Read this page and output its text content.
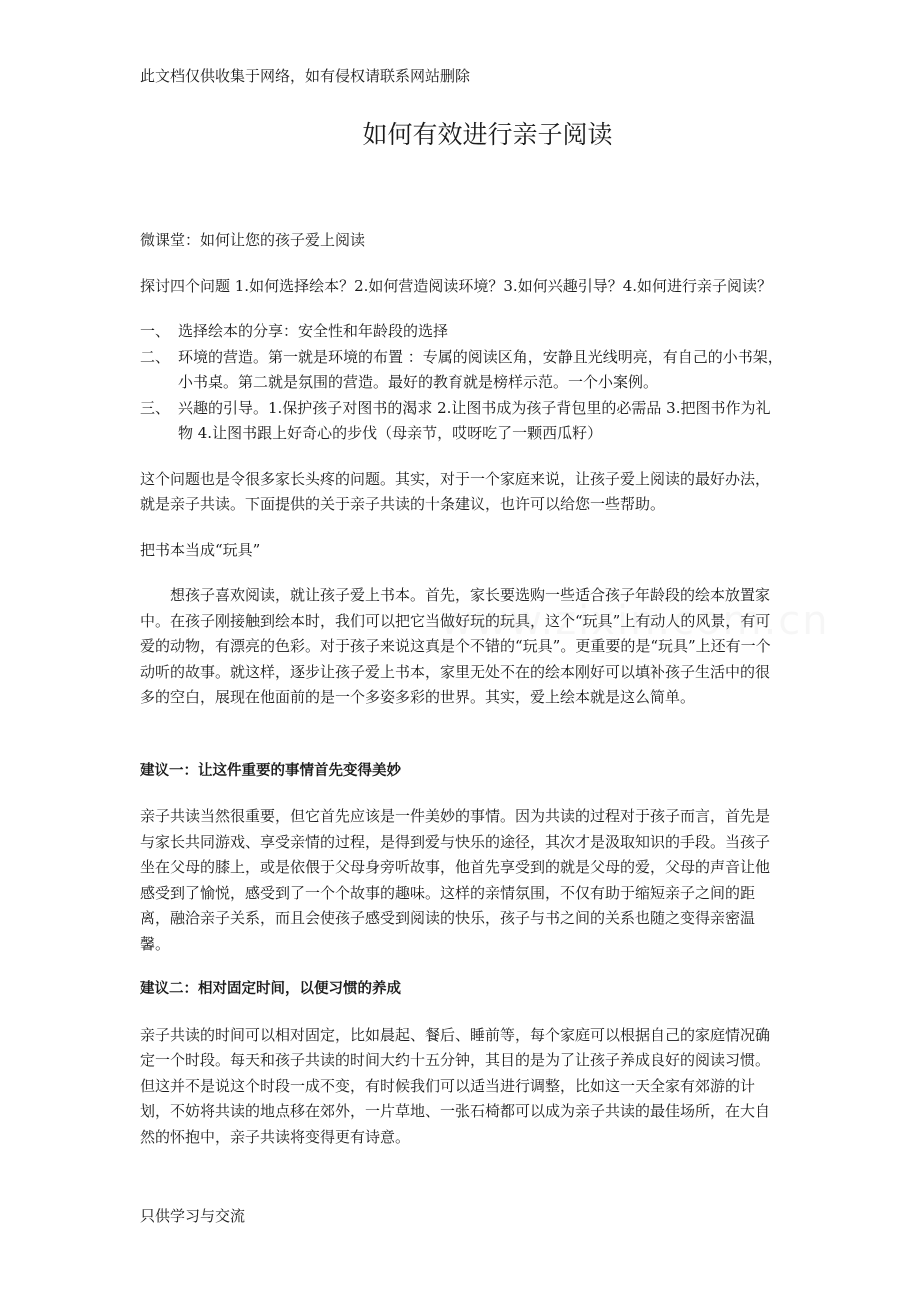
此文档仅供收集于网络，如有侵权请联系网站删除
如何有效进行亲子阅读

微课堂：如何让您的孩子爱上阅读

探讨四个问题 1.如何选择绘本？2.如何营造阅读环境？3.如何兴趣引导？4.如何进行亲子阅读？

一、 选择绘本的分享：安全性和年龄段的选择
二、 环境的营造。第一就是环境的布置 ：专属的阅读区角，安静且光线明亮，有自己的小书架，小书桌。第二就是氛围的营造。最好的教育就是榜样示范。一个小案例。
三、 兴趣的引导。1.保护孩子对图书的渴求 2.让图书成为孩子背包里的必需品 3.把图书作为礼物 4.让图书跟上好奇心的步伐（母亲节，哎呀吃了一颗西瓜籽）

这个问题也是令很多家长头疼的问题。其实，对于一个家庭来说，让孩子爱上阅读的最好办法，就是亲子共读。下面提供的关于亲子共读的十条建议，也许可以给您一些帮助。

把书本当成“玩具”

想孩子喜欢阅读，就让孩子爱上书本。首先，家长要选购一些适合孩子年龄段的绘本放置家中。在孩子刚接触到绘本时，我们可以把它当做好玩的玩具，这个“玩具”上有动人的风景，有可爱的动物，有漂亮的色彩。对于孩子来说这真是个不错的“玩具”。更重要的是“玩具”上还有一个动听的故事。就这样，逐步让孩子爱上书本，家里无处不在的绘本刚好可以填补孩子生活中的很多的空白，展现在他面前的是一个多姿多彩的世界。其实，爱上绘本就是这么简单。

建议一：让这件重要的事情首先变得美妙

亲子共读当然很重要，但它首先应该是一件美妙的事情。因为共读的过程对于孩子而言，首先是与家长共同游戏、享受亲情的过程，是得到爱与快乐的途径，其次才是汲取知识的手段。当孩子坐在父母的膝上，或是依偎于父母身旁听故事，他首先享受到的就是父母的爱，父母的声音让他感受到了愉悦，感受到了一个个故事的趣味。这样的亲情氛围，不仅有助于缩短亲子之间的距离，融洽亲子关系，而且会使孩子感受到阅读的快乐，孩子与书之间的关系也随之变得亲密温馨。

建议二：相对固定时间，以便习惯的养成

亲子共读的时间可以相对固定，比如晨起、餐后、睡前等，每个家庭可以根据自己的家庭情况确定一个时段。每天和孩子共读的时间大约十五分钟，其目的是为了让孩子养成良好的阅读习惯。但这并不是说这个时段一成不变，有时候我们可以适当进行调整，比如这一天全家有郊游的计划，不妨将共读的地点移在郊外，一片草地、一张石椅都可以成为亲子共读的最佳场所，在大自然的怀抱中，亲子共读将变得更有诗意。

只供学习与交流
